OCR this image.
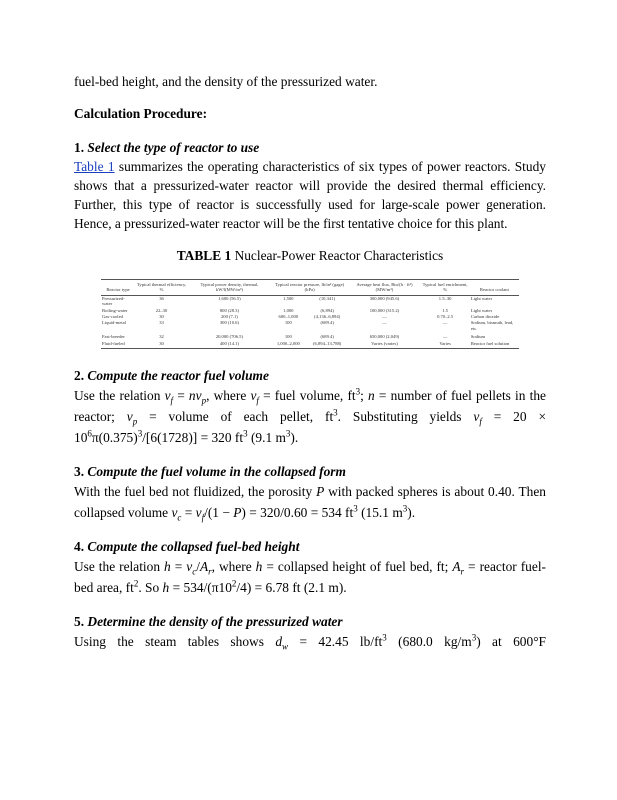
fuel-bed height, and the density of the pressurized water.

Calculation Procedure:

1. Select the type of reactor to use

Table 1 summarizes the operating characteristics of six types of power reactors. Study shows that a pressurized-water reactor will provide the desired thermal efficiency. Further, this type of reactor is successfully used for large-scale power generation. Hence, a pressurized-water reactor will be the first tentative choice for this plant.

TABLE 1 Nuclear-Power Reactor Characteristics

Reactor type	Typical thermal efficiency, %	Typical power density, thermal, kW/l(MW/m³)	Typical reactor pressure, lb/in² (gage) (kPa)		Average heat flux, Btu/(h · ft²) (MW/m²)	Typical fuel enrichment, %	Reactor coolant
Pressurized-water	36	1,600 (56.5)	1,500	(10,341)	300,000 (945.6)	1.5–30	Light water
Boiling-water	22–30	800 (28.3)	1,000	(6,894)	100,000 (315.2)	1.5	Light water
Gas-cooled	30	200 (7.1)	600–1,000	(4,136–6,894)	—	0.70–2.5	Carbon dioxide
Liquid-metal	33	300 (10.6)	100	(689.4)	—	—	Sodium, bismuth, lead, etc.
Fast-breeder	32	20,000 (706.5)	100	(689.4)	650,000 (2,049)	—	Sodium
Fluid-fueled	30	400 (14.1)	1,000–2,000	(6,894–13,788)	Varies (varies)	Varies	Reactor fuel solution

2. Compute the reactor fuel volume

Use the relation $v_f = nv_p$, where $v_f$ = fuel volume, $ft^3$; n = number of fuel pellets in the reactor; $v_p$ = volume of each pellet, $ft^3$. Substituting yields $v_f = 20 \times 10^6\pi(0.375)^3/[6(1728)] = 320$ $ft^3$ (9.1 $m^3$).

3. Compute the fuel volume in the collapsed form

With the fuel bed not fluidized, the porosity P with packed spheres is about 0.40. Then collapsed volume $v_c = v_f/(1 - P) = 320/0.60 = 534$ $ft^3$ (15.1 $m^3$).

4. Compute the collapsed fuel-bed height

Use the relation $h = v_c/A_r$, where h = collapsed height of fuel bed, ft; $A_r$ = reactor fuel-bed area, $ft^2$. So $h = 534/(\pi 10^2/4) = 6.78$ ft (2.1 m).

5. Determine the density of the pressurized water

Using the steam tables shows $d_w = 42.45$ $lb/ft^3$ (680.0 $kg/m^3$) at 600°F
